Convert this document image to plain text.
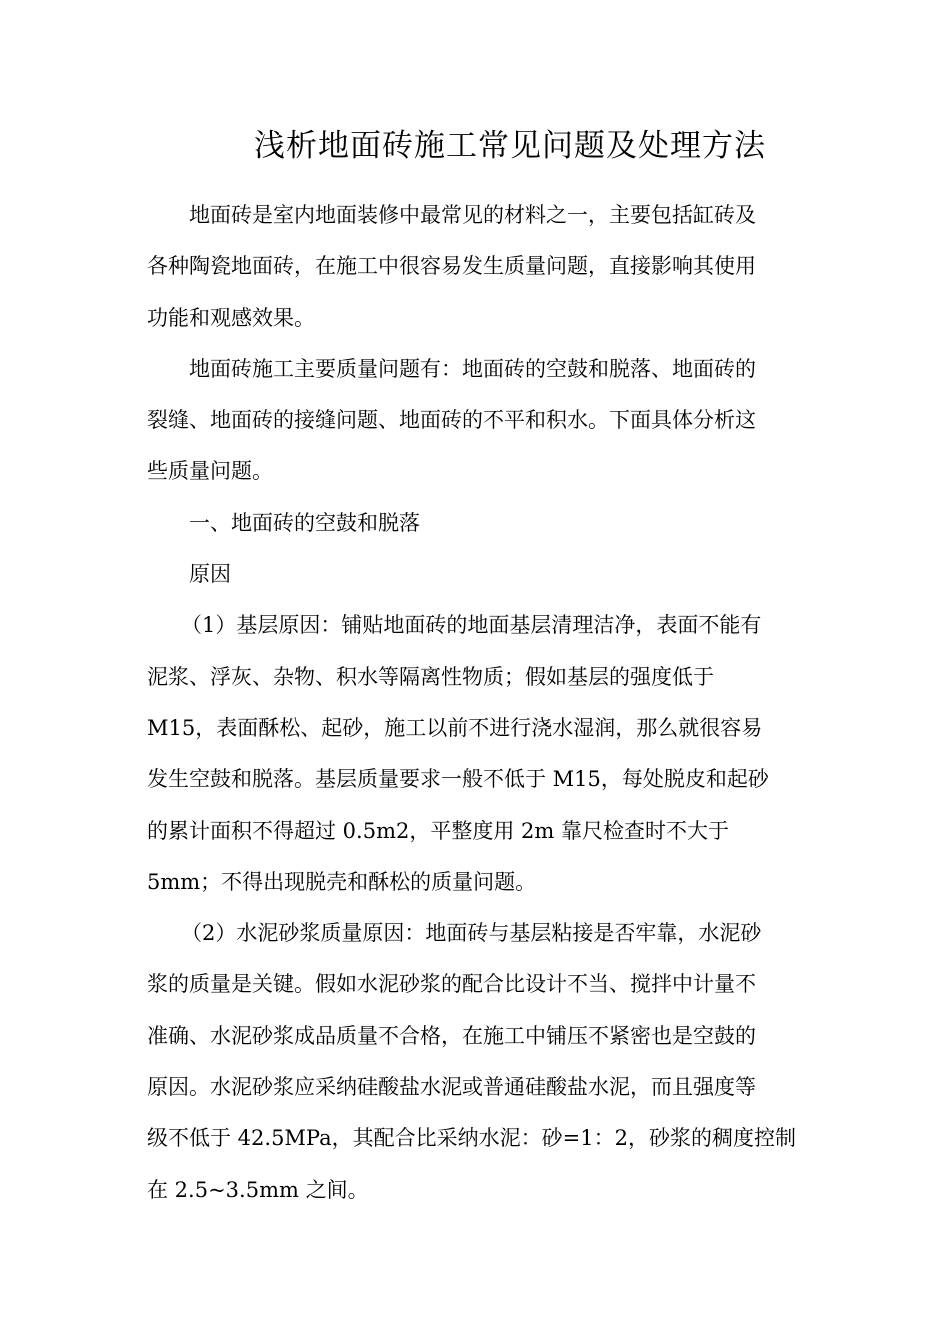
浅析地面砖施工常见问题及处理方法
地面砖是室内地面装修中最常见的材料之一，主要包括缸砖及
各种陶瓷地面砖，在施工中很容易发生质量问题，直接影响其使用
功能和观感效果。
地面砖施工主要质量问题有：地面砖的空鼓和脱落、地面砖的
裂缝、地面砖的接缝问题、地面砖的不平和积水。下面具体分析这
些质量问题。
一、地面砖的空鼓和脱落
原因
（1）基层原因：铺贴地面砖的地面基层清理洁净，表面不能有
泥浆、浮灰、杂物、积水等隔离性物质；假如基层的强度低于
M15，表面酥松、起砂，施工以前不进行浇水湿润，那么就很容易
发生空鼓和脱落。基层质量要求一般不低于 M15，每处脱皮和起砂
的累计面积不得超过 0.5m2，平整度用 2m 靠尺检查时不大于
5mm；不得出现脱壳和酥松的质量问题。
（2）水泥砂浆质量原因：地面砖与基层粘接是否牢靠，水泥砂
浆的质量是关键。假如水泥砂浆的配合比设计不当、搅拌中计量不
准确、水泥砂浆成品质量不合格，在施工中铺压不紧密也是空鼓的
原因。水泥砂浆应采纳硅酸盐水泥或普通硅酸盐水泥，而且强度等
级不低于 42.5MPa，其配合比采纳水泥：砂=1：2，砂浆的稠度控制
在 2.5~3.5mm 之间。
